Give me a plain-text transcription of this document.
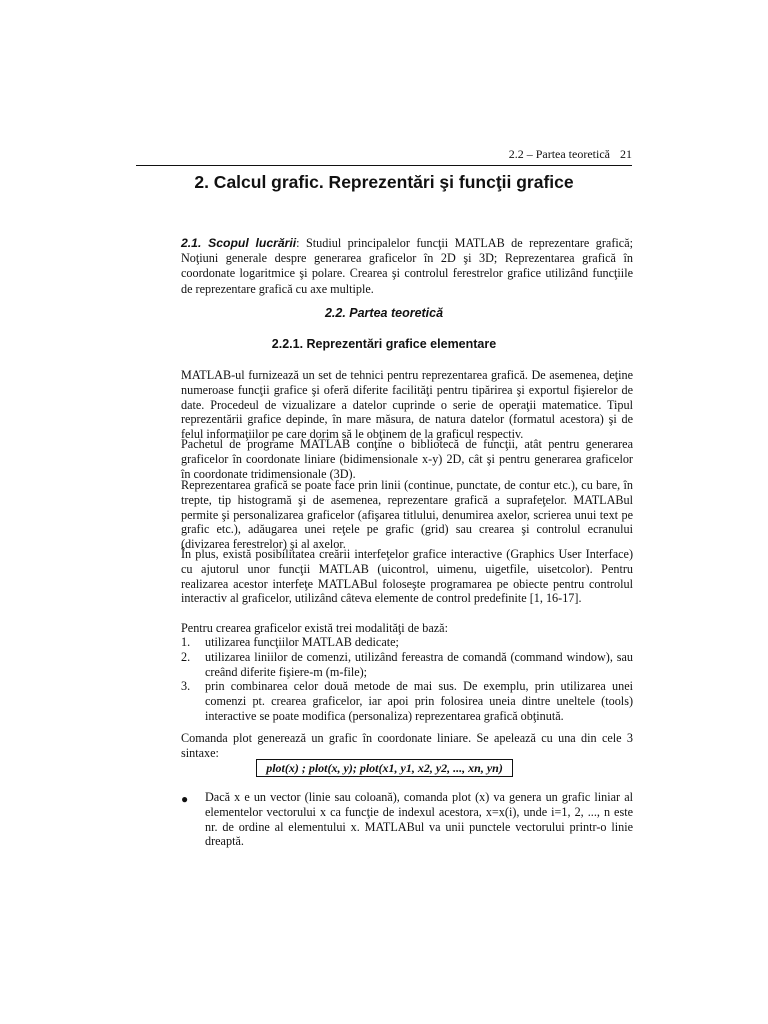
2.2 – Partea teoretică 21
2. Calcul grafic. Reprezentări şi funcţii grafice
2.1. Scopul lucrării: Studiul principalelor funcţii MATLAB de reprezentare grafică; Noţiuni generale despre generarea graficelor în 2D şi 3D; Reprezentarea grafică în coordonate logaritmice şi polare. Crearea şi controlul ferestrelor grafice utilizând funcţiile de reprezentare grafică cu axe multiple.
2.2. Partea teoretică
2.2.1. Reprezentări grafice elementare
MATLAB-ul furnizează un set de tehnici pentru reprezentarea grafică. De asemenea, deţine numeroase funcţii grafice şi oferă diferite facilităţi pentru tipărirea şi exportul fişierelor de date. Procedeul de vizualizare a datelor cuprinde o serie de operaţii matematice. Tipul reprezentării grafice depinde, în mare măsura, de natura datelor (formatul acestora) şi de felul informaţiilor pe care dorim să le obţinem de la graficul respectiv.
Pachetul de programe MATLAB conţine o bibliotecă de funcţii, atât pentru generarea graficelor în coordonate liniare (bidimensionale x-y) 2D, cât şi pentru generarea graficelor în coordonate tridimensionale (3D).
Reprezentarea grafică se poate face prin linii (continue, punctate, de contur etc.), cu bare, în trepte, tip histogramă şi de asemenea, reprezentare grafică a suprafeţelor. MATLABul permite şi personalizarea graficelor (afişarea titlului, denumirea axelor, scrierea unui text pe grafic etc.), adăugarea unei reţele pe grafic (grid) sau crearea şi controlul ecranului (divizarea ferestrelor) şi al axelor.
În plus, există posibilitatea creării interfeţelor grafice interactive (Graphics User Interface) cu ajutorul unor funcţii MATLAB (uicontrol, uimenu, uigetfile, uisetcolor). Pentru realizarea acestor interfeţe MATLABul foloseşte programarea pe obiecte pentru controlul interactiv al graficelor, utilizând câteva elemente de control predefinite [1, 16-17].
Pentru crearea graficelor există trei modalităţi de bază:
1. utilizarea funcţiilor MATLAB dedicate;
2. utilizarea liniilor de comenzi, utilizând fereastra de comandă (command window), sau creând diferite fişiere-m (m-file);
3. prin combinarea celor două metode de mai sus. De exemplu, prin utilizarea unei comenzi pt. crearea graficelor, iar apoi prin folosirea uneia dintre uneltele (tools) interactive se poate modifica (personaliza) reprezentarea grafică obţinută.
Comanda plot generează un grafic în coordonate liniare. Se apelează cu una din cele 3 sintaxe:
plot(x) ; plot(x, y); plot(x1, y1, x2, y2, ..., xn, yn)
● Dacă x e un vector (linie sau coloană), comanda plot (x) va genera un grafic liniar al elementelor vectorului x ca funcţie de indexul acestora, x=x(i), unde i=1, 2, ..., n este nr. de ordine al elementului x. MATLABul va unii punctele vectorului printr-o linie dreaptă.
